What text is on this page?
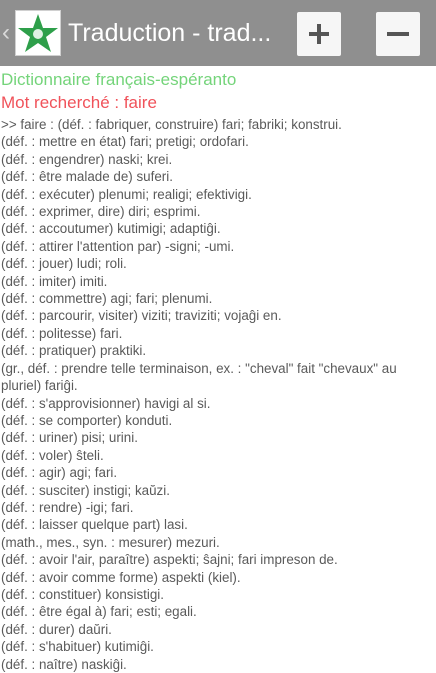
‹ Traduction - trad...
Dictionnaire français-espéranto
Mot recherché : faire
>> faire : (déf. : fabriquer, construire) fari; fabriki; konstrui.
(déf. : mettre en état) fari; pretigi; ordofari.
(déf. : engendrer) naski; krei.
(déf. : être malade de) suferi.
(déf. : exécuter) plenumi; realigi; efektivigi.
(déf. : exprimer, dire) diri; esprimi.
(déf. : accoutumer) kutimigi; adaptiĝi.
(déf. : attirer l'attention par) -signi; -umi.
(déf. : jouer) ludi; roli.
(déf. : imiter) imiti.
(déf. : commettre) agi; fari; plenumi.
(déf. : parcourir, visiter) viziti; traviziti; vojaĝi en.
(déf. : politesse) fari.
(déf. : pratiquer) praktiki.
(gr., déf. : prendre telle terminaison, ex. : "cheval" fait "chevaux" au pluriel) fariĝi.
(déf. : s'approvisionner) havigi al si.
(déf. : se comporter) konduti.
(déf. : uriner) pisi; urini.
(déf. : voler) ŝteli.
(déf. : agir) agi; fari.
(déf. : susciter) instigi; kaŭzi.
(déf. : rendre) -igi; fari.
(déf. : laisser quelque part) lasi.
(math., mes., syn. : mesurer) mezuri.
(déf. : avoir l'air, paraître) aspekti; ŝajni; fari impreson de.
(déf. : avoir comme forme) aspekti (kiel).
(déf. : constituer) konsistigi.
(déf. : être égal à) fari; esti; egali.
(déf. : durer) daŭri.
(déf. : s'habituer) kutimiĝi.
(déf. : naître) naskiĝi.
